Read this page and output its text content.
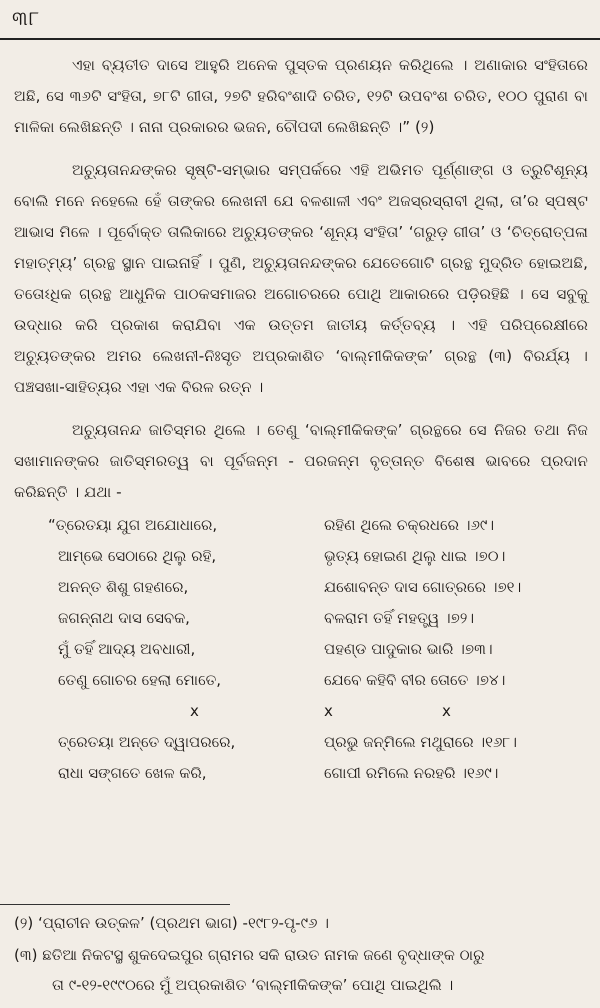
୩୮

ଏହା ବ୍ୟତୀତ ଦାସେ ଆହୁରି ଅନେକ ପୁସ୍ତକ ପ୍ରଣୟନ କରିଥିଲେ । ଅଣାକାର ସଂହିତାରେ ଅଛି, ସେ ୩୬ଟି ସଂହିତା, ୭୮ଟି ଗୀତା, ୨୭ଟି ହରିବଂଶାଦି ଚରିତ, ୧୨ଟି ଉପବଂଶ ଚରିତ, ୧୦୦ ପୁରାଣ ବା ମାଳିକା ଲେଖିଛନ୍ତି । ନାନା ପ୍ରକାରର ଭଜନ, ଚୌପଦୀ ଲେଖିଛନ୍ତି ।” (୨)

ଅଚ୍ୟୁତାନନ୍ଦଙ୍କର ସୃଷ୍ଟି-ସମ୍ଭାର ସମ୍ପର୍କରେ ଏହି ଅଭିମତ ପୂର୍ଣ୍ଣାଙ୍ଗ ଓ ତ୍ରୁଟିଶୂନ୍ୟ ବୋଲି ମନେ ନହେଲେ ହେଁ ତାଙ୍କର ଲେଖନୀ ଯେ ବଳଶାଳୀ ଏବଂ ଅଜସ୍ରସ୍ରାବୀ ଥିଲା, ତା’ର ସ୍ପଷ୍ଟ ଆଭାସ ମିଳେ । ପୂର୍ବୋକ୍ତ ତାଲିକାରେ ଅଚ୍ୟୁତଙ୍କର ‘ଶୂନ୍ୟ ସଂହିତା’ ‘ଗରୁଡ଼ ଗୀତା’ ଓ ‘ଚିତ୍ରୋତ୍ପଳା ମହାତ୍ମ୍ୟ’ ଗ୍ରନ୍ଥ ସ୍ଥାନ ପାଇନାହିଁ । ପୁଣି, ଅଚ୍ୟୁତାନନ୍ଦଙ୍କର ଯେତେଗୋଟି ଗ୍ରନ୍ଥ ମୁଦ୍ରିତ ହୋଇଅଛି, ତତୋଽଧିକ ଗ୍ରନ୍ଥ ଆଧୁନିକ ପାଠକସମାଜର ଅଗୋଚରରେ ପୋଥି ଆକାରରେ ପଡ଼ିରହିଛି । ସେ ସବୁକୁ ଉଦ୍ଧାର କରି ପ୍ରକାଶ କରାଯିବା ଏକ ଉତ୍ତମ ଜାତୀୟ କର୍ତ୍ତବ୍ୟ । ଏହି ପରିପ୍ରେକ୍ଷୀରେ ଅଚ୍ୟୁତଙ୍କର ଅମର ଲେଖନୀ-ନିଃସୃତ ଅପ୍ରକାଶିତ ‘ବାଲ୍ମୀକିକଙ୍କ’ ଗ୍ରନ୍ଥ (୩) ବିରର୍ଯ୍ୟ । ପଞ୍ଚସଖା-ସାହିତ୍ୟର ଏହା ଏକ ବିରଳ ରତ୍ନ ।

ଅଚ୍ୟୁତାନନ୍ଦ ଜାତିସ୍ମର ଥିଲେ । ତେଣୁ ‘ବାଲ୍ମୀକିକଙ୍କ’ ଗ୍ରନ୍ଥରେ ସେ ନିଜର ତଥା ନିଜ ସଖାମାନଙ୍କର ଜାତିସ୍ମରତ୍ୱ ବା ପୂର୍ବଜନ୍ମ - ପରଜନ୍ମ ବୃତ୍ତାନ୍ତ ବିଶେଷ ଭାବରେ ପ୍ରଦାନ କରିଛନ୍ତି । ଯଥା -

“ତ୍ରେତୟା ଯୁଗ ଅଯୋଧାରେ,	ରହିଣ ଥିଲେ ଚକ୍ରଧରେ ।୬୯।
ଆମ୍ଭେ ସେଠାରେ ଥିଲୁ ରହି,	ଭୃତ୍ୟ ହୋଇଣ ଥିଲୁ ଧାଇ ।୭୦।
ଅନନ୍ତ ଶିଶୁ ଗହଣରେ,	ଯଶୋବନ୍ତ ଦାସ ଗୋତ୍ରରେ ।୭୧।
ଜଗନ୍ନାଥ ଦାସ ସେବକ,	ବଳରାମ ତହିଁ ମହତ୍ତ୍ୱ ।୭୨।
ମୁଁ ତହିଁ ଆଦ୍ୟ ଅବଧାରୀ,	ପହଣ୍ଡ ପାଦୁକାର ଭାରି ।୭୩।
ତେଣୁ ଗୋଚର ହେଲା ମୋତେ,	ଯେବେ କହିବି ବୀର ତୋତେ ।୭୪।
x	x	x
ତ୍ରେତୟା ଅନ୍ତେ ଦ୍ୱାପରରେ,	ପ୍ରଭୁ ଜନ୍ମିଲେ ମଥୁରାରେ ।୧୬୮।
ରାଧା ସଙ୍ଗତେ ଖେଳ କରି,	ଗୋପୀ ରମିଲେ ନରହରି ।୧୬୯।
(୨) ‘ପ୍ରାଚୀନ ଉତ୍କଳ’ (ପ୍ରଥମ ଭାଗ) -୧୯୮୨-ପୃ-୯୬ ।
(୩) ଛତିଆ ନିକଟସ୍ଥ ଶୁକଦେଇପୁର ଗ୍ରାମର ସକି ରାଉତ ନାମକ ଜଣେ ବୃଦ୍ଧାଙ୍କ ଠାରୁ
ତା ୯-୧୨-୧୯୯୦ରେ ମୁଁ ଅପ୍ରକାଶିତ ‘ବାଲ୍ମୀକିକଙ୍କ’ ପୋଥି ପାଇଥିଲି ।
